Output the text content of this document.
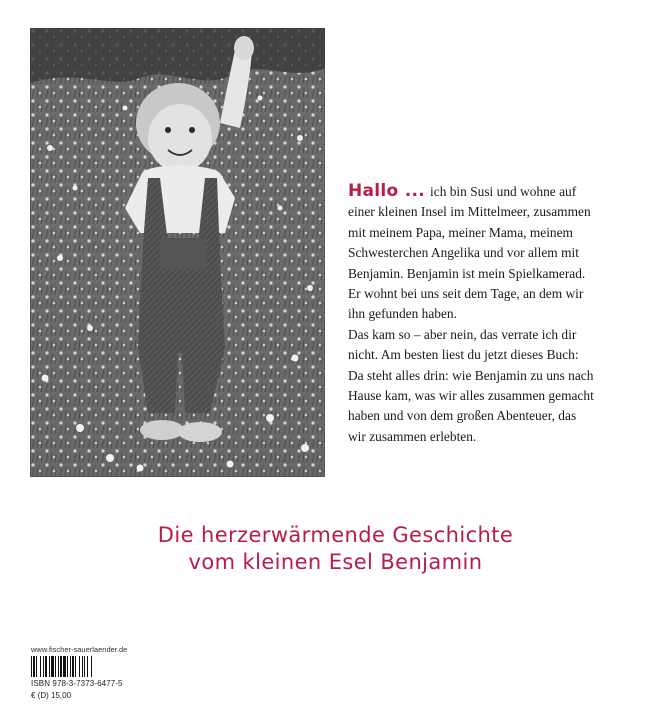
Hallo ... ich bin Susi und wohne auf
einer kleinen Insel im Mittelmeer, zusammen
mit meinem Papa, meiner Mama, meinem
Schwesterchen Angelika und vor allem mit
Benjamin. Benjamin ist mein Spielkamerad.
Er wohnt bei uns seit dem Tage, an dem wir
ihn gefunden haben.
Das kam so – aber nein, das verrate ich dir
nicht. Am besten liest du jetzt dieses Buch:
Da steht alles drin: wie Benjamin zu uns nach
Hause kam, was wir alles zusammen gemacht
haben und von dem großen Abenteuer, das
wir zusammen erlebten.
Die herzerwärmende Geschichte
vom kleinen Esel Benjamin
www.fischer-sauerlaender.de
ISBN 978-3-7373-6477-5
€ (D) 15,00
